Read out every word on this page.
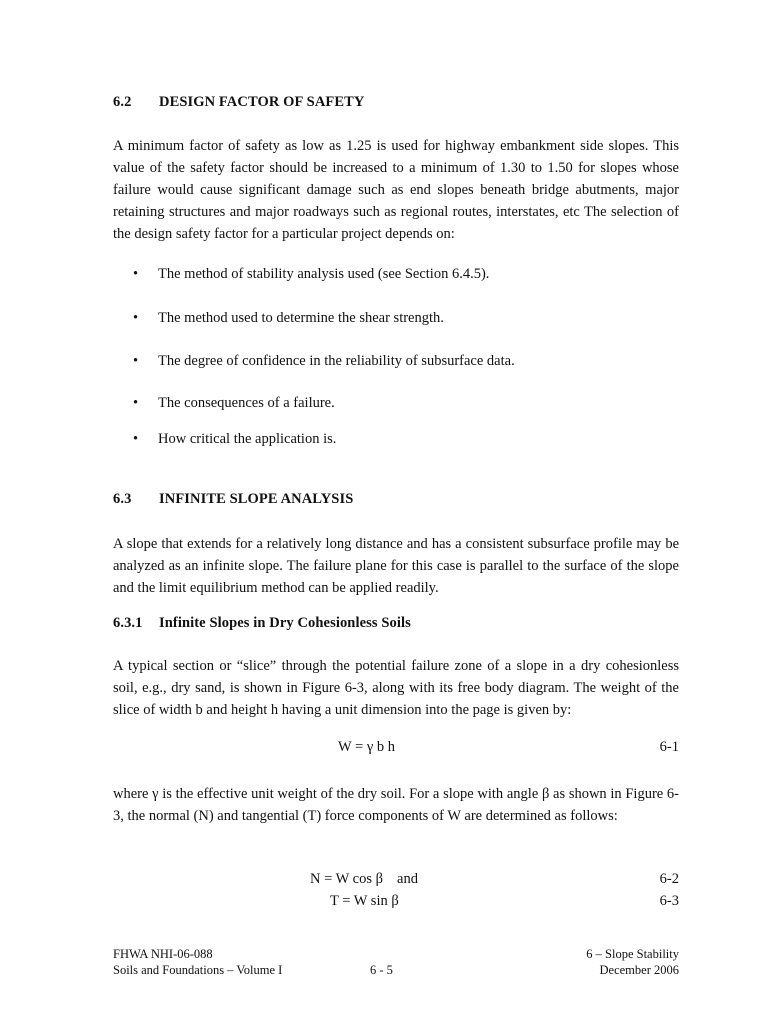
6.2 DESIGN FACTOR OF SAFETY
A minimum factor of safety as low as 1.25 is used for highway embankment side slopes. This value of the safety factor should be increased to a minimum of 1.30 to 1.50 for slopes whose failure would cause significant damage such as end slopes beneath bridge abutments, major retaining structures and major roadways such as regional routes, interstates, etc The selection of the design safety factor for a particular project depends on:
• The method of stability analysis used (see Section 6.4.5).
• The method used to determine the shear strength.
• The degree of confidence in the reliability of subsurface data.
• The consequences of a failure.
• How critical the application is.
6.3 INFINITE SLOPE ANALYSIS
A slope that extends for a relatively long distance and has a consistent subsurface profile may be analyzed as an infinite slope. The failure plane for this case is parallel to the surface of the slope and the limit equilibrium method can be applied readily.
6.3.1 Infinite Slopes in Dry Cohesionless Soils
A typical section or “slice” through the potential failure zone of a slope in a dry cohesionless soil, e.g., dry sand, is shown in Figure 6-3, along with its free body diagram. The weight of the slice of width b and height h having a unit dimension into the page is given by:
W = γ b h	6-1
where γ is the effective unit weight of the dry soil. For a slope with angle β as shown in Figure 6-3, the normal (N) and tangential (T) force components of W are determined as follows:
N = W cos β and	6-2
T = W sin β	6-3
FHWA NHI-06-088
Soils and Foundations – Volume I	6 - 5
6 – Slope Stability
December 2006
